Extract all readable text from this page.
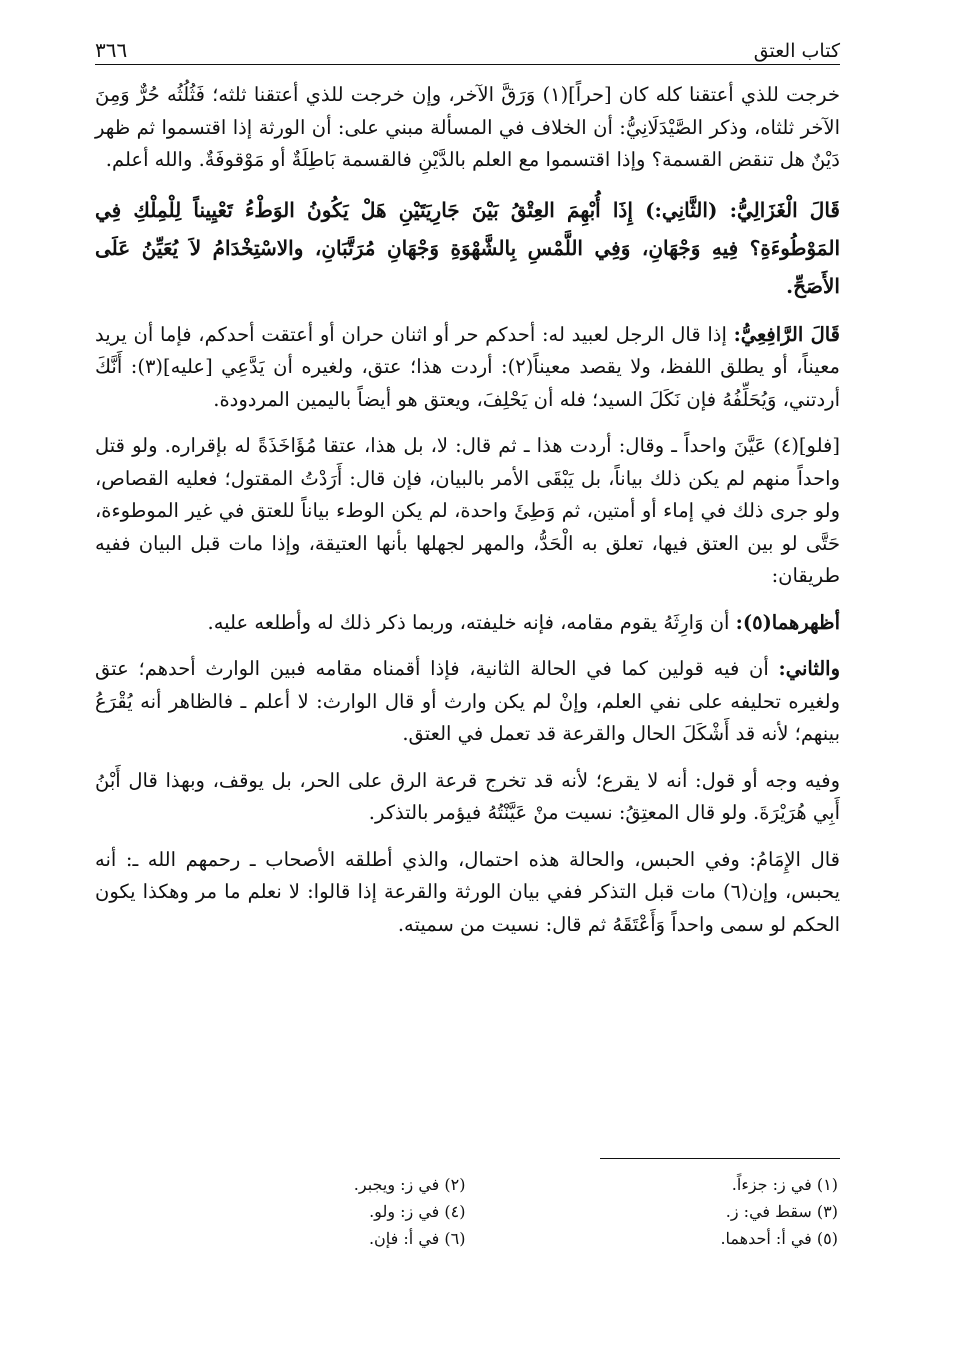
كتاب العتق
٣٦٦

خرجت للذي أعتقنا كله كان [حراً](١) وَرَقَّ الآخر، وإن خرجت للذي أعتقنا ثلثه؛ فَثُلُثُه حُرٌّ وَمِنَ الآخر ثلثاه، وذكر الصَّيْدَلَانِيُّ: أن الخلاف في المسألة مبني على: أن الورثة إذا اقتسموا ثم ظهر دَيْنٌ هل تنقض القسمة؟ وإذا اقتسموا مع العلم بالدَّيْنِ فالقسمة بَاطِلَةٌ أو مَوْقوفَةٌ. والله أعلم.

قَالَ الْغَزَالِيُّ: (الثَّانِي:) إِذَا أُبْهِمَ العِتْقُ بَيْنَ جَارِيَتَيْنِ هَلْ يَكُونُ الوَطْءُ تَعْيِيناً لِلْمِلْكِ فِي المَوْطُوءَةِ؟ فِيهِ وَجْهَانِ، وَفِي اللَّمْسِ بِالشَّهْوَةِ وَجْهَانِ مُرَتَّبَانِ، والاسْتِخْدَامُ لاَ يُعَيِّنُ عَلَى الأَصَحِّ.

قَالَ الرَّافِعِيُّ: إذا قال الرجل لعبيد له: أحدكم حر أو اثنان حران أو أعتقت أحدكم، فإما أن يريد معيناً، أو يطلق اللفظ، ولا يقصد معيناً(٢): أردت هذا؛ عتق، ولغيره أن يَدَّعِي [عليه](٣): أَنَّكَ أردتني، وَيُحَلِّفُهُ فإن نَكَلَ السيد؛ فله أن يَحْلِفَ، ويعتق هو أيضاً باليمين المردودة.

[فلو](٤) عَيَّنَ واحداً ـ وقال: أردت هذا ـ ثم قال: لا، بل هذا، عتقا مُؤَاخَذَةً له بإقراره. ولو قتل واحداً منهم لم يكن ذلك بياناً، بل يَبْقَى الأمر بالبيان، فإن قال: أَرَدْتُ المقتول؛ فعليه القصاص، ولو جرى ذلك في إماء أو أمتين، ثم وَطِئَ واحدة، لم يكن الوطء بياناً للعتق في غير الموطوءة، حَتَّى لو بين العتق فيها، تعلق به الْحَدُّ، والمهر لجهلها بأنها العتيقة، وإذا مات قبل البيان ففيه طريقان:

أظهرهما(٥): أن وَارِثَهُ يقوم مقامه، فإنه خليفته، وربما ذكر ذلك له وأطلعه عليه.

والثاني: أن فيه قولين كما في الحالة الثانية، فإذا أقمناه مقامه فبين الوارث أحدهم؛ عتق ولغيره تحليفه على نفي العلم، وإنْ لم يكن وارث أو قال الوارث: لا أعلم ـ فالظاهر أنه يُقْرَعُ بينهم؛ لأنه قد أَشْكَلَ الحال والقرعة قد تعمل في العتق.

وفيه وجه أو قول: أنه لا يقرع؛ لأنه قد تخرج قرعة الرق على الحر، بل يوقف، وبهذا قال أَبْنُ أَبِي هُرَيْرَةَ. ولو قال المعتِقُ: نسيت منْ عَيَّنْتُهُ فيؤمر بالتذكر.

قال الإِمَامُ: وفي الحبس، والحالة هذه احتمال، والذي أطلقه الأصحاب ـ رحمهم الله ـ: أنه يحبس، وإن(٦) مات قبل التذكر ففي بيان الورثة والقرعة إذا قالوا: لا نعلم ما مر وهكذا يكون الحكم لو سمى واحداً وَأَعْتَقَهُ ثم قال: نسيت من سميته.

(١) في ز: جزءاً.
(٢) في ز: ويجبر.
(٣) سقط في: ز.
(٤) في ز: ولو.
(٥) في أ: أحدهما.
(٦) في أ: فإن.
